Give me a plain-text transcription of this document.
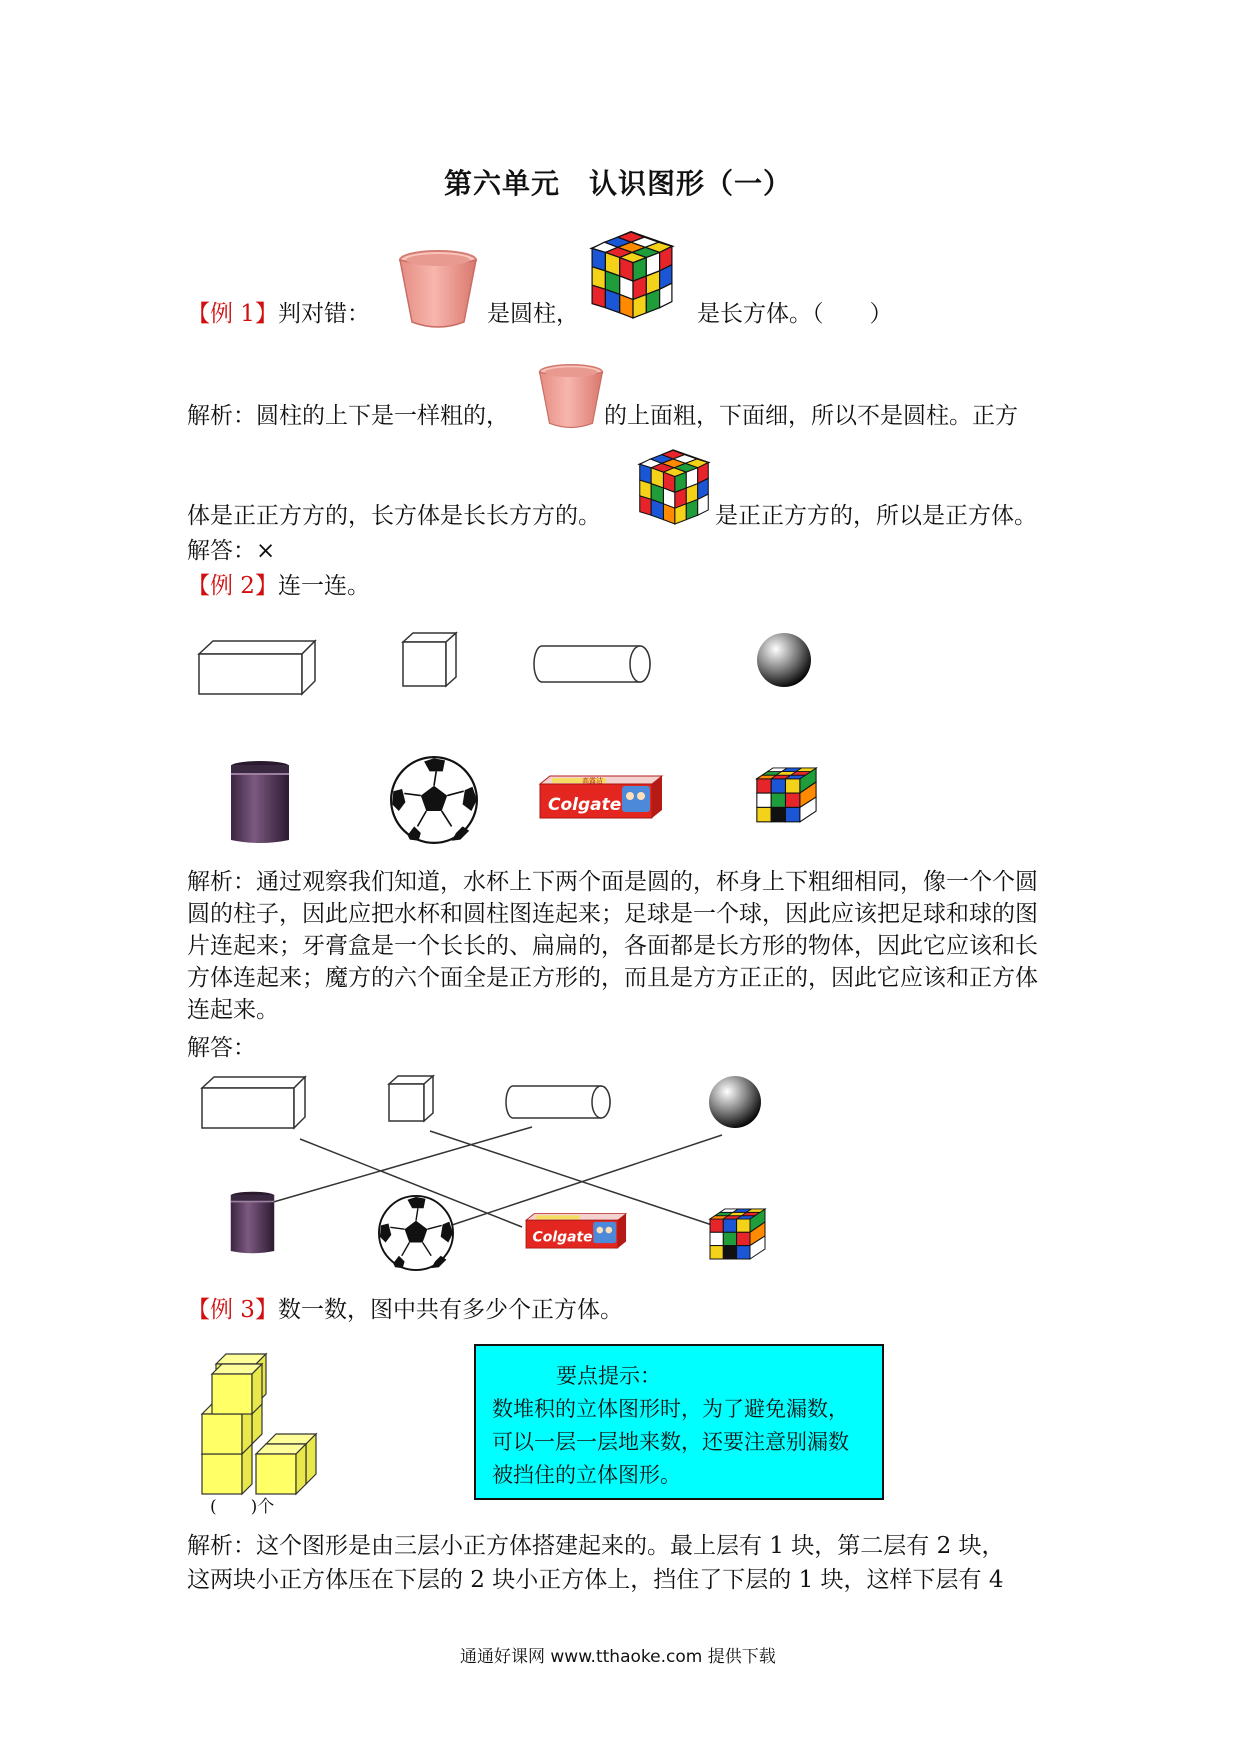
第六单元　认识图形（一）
【例 1】判对错：	是圆柱，	是长方体。（　　）
解析：圆柱的上下是一样粗的，	的上面粗，下面细，所以不是圆柱。正方
体是正正方方的，长方体是长长方方的。	是正正方方的，所以是正方体。
解答：×
【例 2】连一连。
Colgate
高露洁
解析：通过观察我们知道，水杯上下两个面是圆的，杯身上下粗细相同，像一个个圆圆的柱子，因此应把水杯和圆柱图连起来；足球是一个球，因此应该把足球和球的图片连起来；牙膏盒是一个长长的、扁扁的，各面都是长方形的物体，因此它应该和长方体连起来；魔方的六个面全是正方形的，而且是方方正正的，因此它应该和正方体连起来。
解答：
Colgate
【例 3】数一数，图中共有多少个正方体。
(　　)个
要点提示：
数堆积的立体图形时，为了避免漏数，
可以一层一层地来数，还要注意别漏数
被挡住的立体图形。
解析：这个图形是由三层小正方体搭建起来的。最上层有 1 块，第二层有 2 块，
这两块小正方体压在下层的 2 块小正方体上，挡住了下层的 1 块，这样下层有 4
通通好课网 www.tthaoke.com 提供下载
